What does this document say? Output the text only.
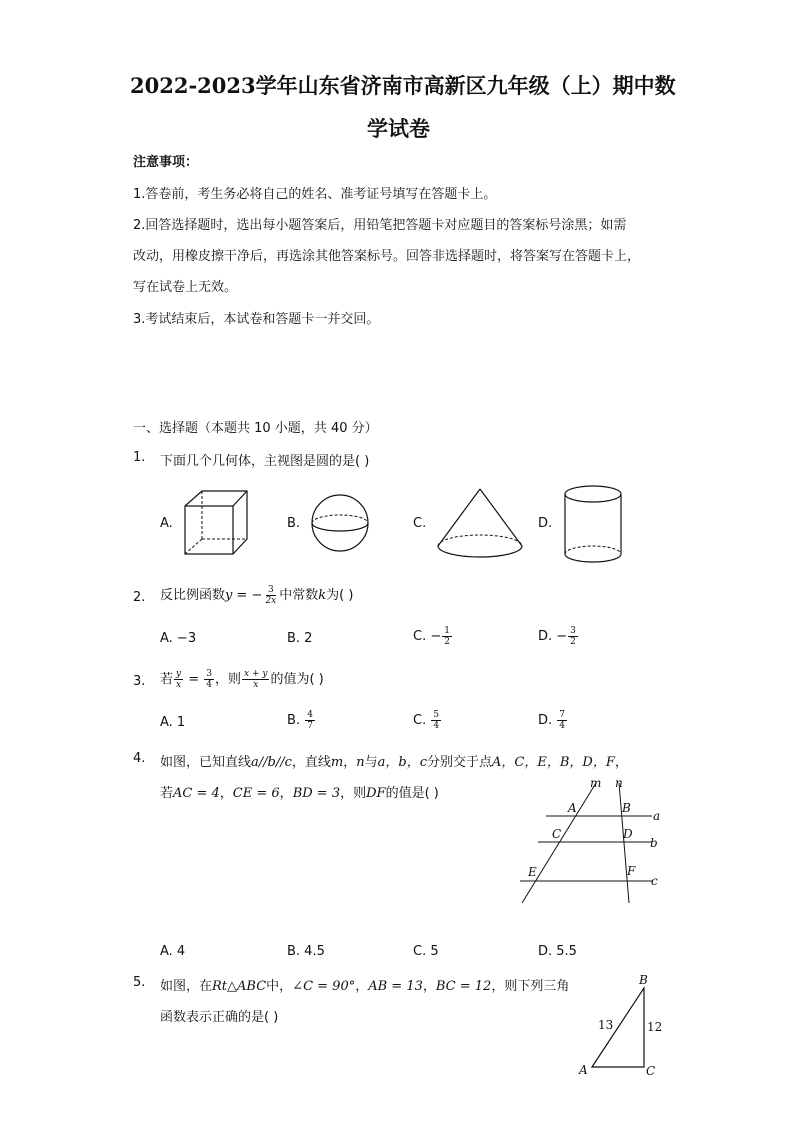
2022-2023学年山东省济南市高新区九年级（上）期中数
学试卷
注意事项：
1.答卷前，考生务必将自己的姓名、准考证号填写在答题卡上。
2.回答选择题时，选出每小题答案后，用铅笔把答题卡对应题目的答案标号涂黑；如需
改动，用橡皮擦干净后，再选涂其他答案标号。回答非选择题时，将答案写在答题卡上，
写在试卷上无效。
3.考试结束后，本试卷和答题卡一并交回。
一、选择题（本题共 10 小题，共 40 分）
1. 下面几个几何体，主视图是圆的是( )
A.	B.	C.	D.
2. 反比例函数y = − $\frac{3}{2x}$ 中常数k为( )
A. −3	B. 2	C. − $\frac{1}{2}$	D. − $\frac{3}{2}$
3. 若 $\frac{y}{x} = \frac{3}{4}$ ，则 $\frac{x + y}{x}$ 的值为( )
A. 1	B. $\frac{4}{7}$	C. $\frac{5}{4}$	D. $\frac{7}{4}$
4. 如图，已知直线a//b//c，直线m，n与a，b，c分别交于点A，C，E，B，D，F，
若AC = 4，CE = 6，BD = 3，则DF的值是( )
m n
A	B
C	D
E	F
a
b
c
A. 4	B. 4.5	C. 5	D. 5.5
5. 如图，在Rt△ABC中，∠C = 90°，AB = 13，BC = 12，则下列三角
函数表示正确的是( )
B
A	C
13	12
